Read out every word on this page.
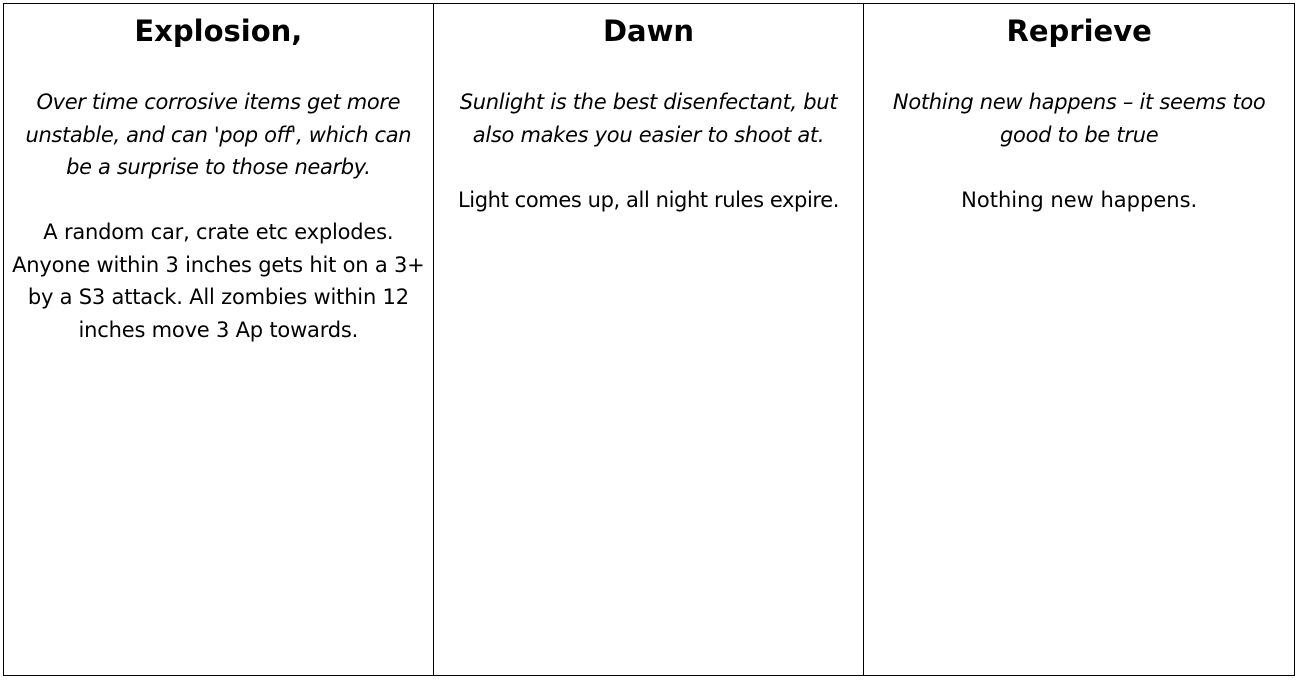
Explosion,

Over time corrosive items get more unstable, and can 'pop off', which can be a surprise to those nearby.

A random car, crate etc explodes. Anyone within 3 inches gets hit on a 3+ by a S3 attack. All zombies within 12 inches move 3 Ap towards.

Dawn

Sunlight is the best disenfectant, but also makes you easier to shoot at.

Light comes up, all night rules expire.

Reprieve

Nothing new happens – it seems too good to be true

Nothing new happens.
